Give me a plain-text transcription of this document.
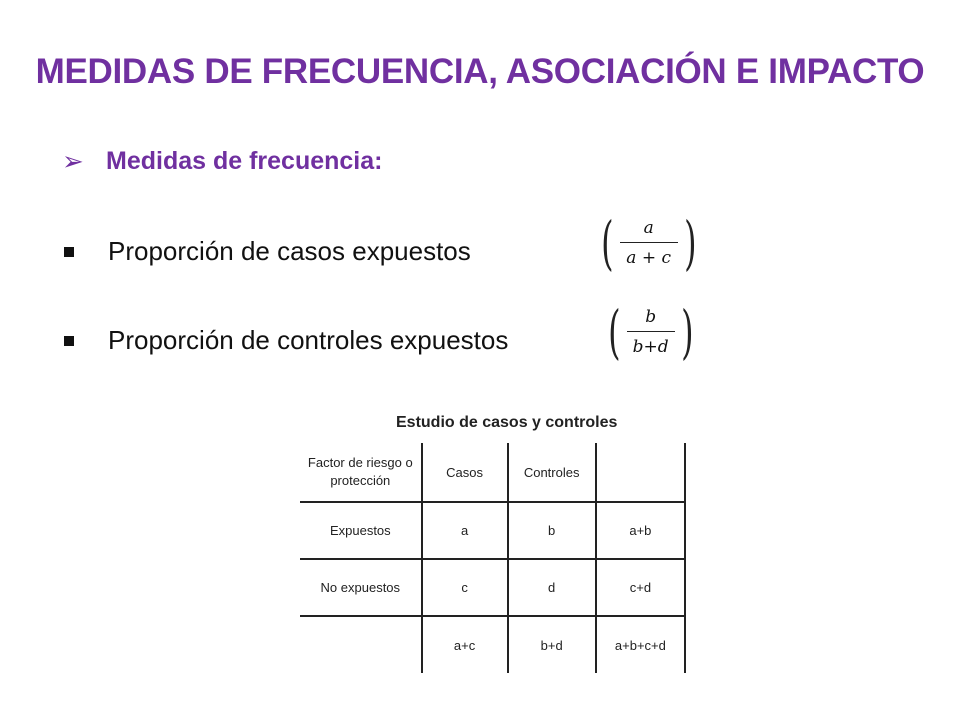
MEDIDAS DE FRECUENCIA, ASOCIACIÓN E IMPACTO
➢ Medidas de frecuencia:
Proporción de casos expuestos
Proporción de controles expuestos
( $\frac{a}{a + c}$ )
( $\frac{b}{b+d}$ )
Estudio de casos y controles
Factor de riesgo o protección	Casos	Controles	
Expuestos	a	b	a+b
No expuestos	c	d	c+d
	a+c	b+d	a+b+c+d
